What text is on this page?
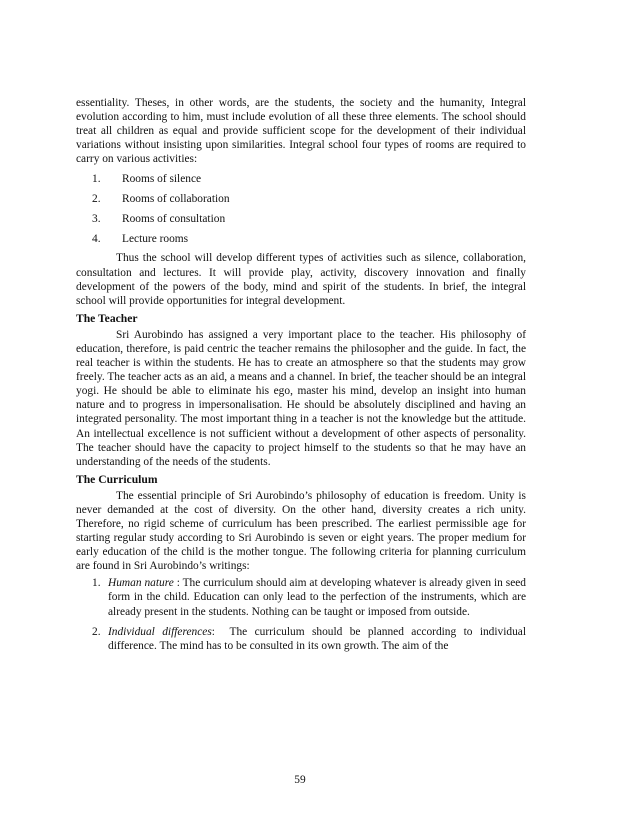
essentiality. Theses, in other words, are the students, the society and the humanity, Integral evolution according to him, must include evolution of all these three elements. The school should treat all children as equal and provide sufficient scope for the development of their individual variations without insisting upon similarities. Integral school four types of rooms are required to carry on various activities:

1.	Rooms of silence
2.	Rooms of collaboration
3.	Rooms of consultation
4.	Lecture rooms

Thus the school will develop different types of activities such as silence, collaboration, consultation and lectures. It will provide play, activity, discovery innovation and finally development of the powers of the body, mind and spirit of the students. In brief, the integral school will provide opportunities for integral development.

The Teacher

Sri Aurobindo has assigned a very important place to the teacher. His philosophy of education, therefore, is paid centric the teacher remains the philosopher and the guide. In fact, the real teacher is within the students. He has to create an atmosphere so that the students may grow freely. The teacher acts as an aid, a means and a channel. In brief, the teacher should be an integral yogi. He should be able to eliminate his ego, master his mind, develop an insight into human nature and to progress in impersonalisation. He should be absolutely disciplined and having an integrated personality. The most important thing in a teacher is not the knowledge but the attitude. An intellectual excellence is not sufficient without a development of other aspects of personality. The teacher should have the capacity to project himself to the students so that he may have an understanding of the needs of the students.

The Curriculum

The essential principle of Sri Aurobindo’s philosophy of education is freedom. Unity is never demanded at the cost of diversity. On the other hand, diversity creates a rich unity. Therefore, no rigid scheme of curriculum has been prescribed. The earliest permissible age for starting regular study according to Sri Aurobindo is seven or eight years. The proper medium for early education of the child is the mother tongue. The following criteria for planning curriculum are found in Sri Aurobindo’s writings:

1. Human nature : The curriculum should aim at developing whatever is already given in seed form in the child. Education can only lead to the perfection of the instruments, which are already present in the students. Nothing can be taught or imposed from outside.
2. Individual differences:  The curriculum should be planned according to individual difference. The mind has to be consulted in its own growth. The aim of the
59
